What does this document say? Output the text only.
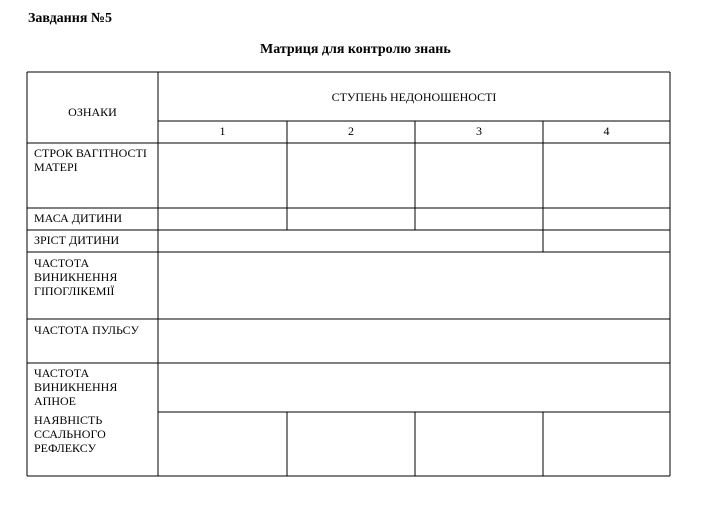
Завдання №5
Матриця для контролю знань
ОЗНАКИ
СТУПЕНЬ НЕДОНОШЕНОСТІ
1	2	3	4
СТРОК ВАГІТНОСТІ МАТЕРІ
МАСА ДИТИНИ
ЗРІСТ ДИТИНИ
ЧАСТОТА ВИНИКНЕННЯ ГІПОГЛІКЕМІЇ
ЧАСТОТА ПУЛЬСУ
ЧАСТОТА ВИНИКНЕННЯ АПНОЕ
НАЯВНІСТЬ ССАЛЬНОГО РЕФЛЕКСУ
